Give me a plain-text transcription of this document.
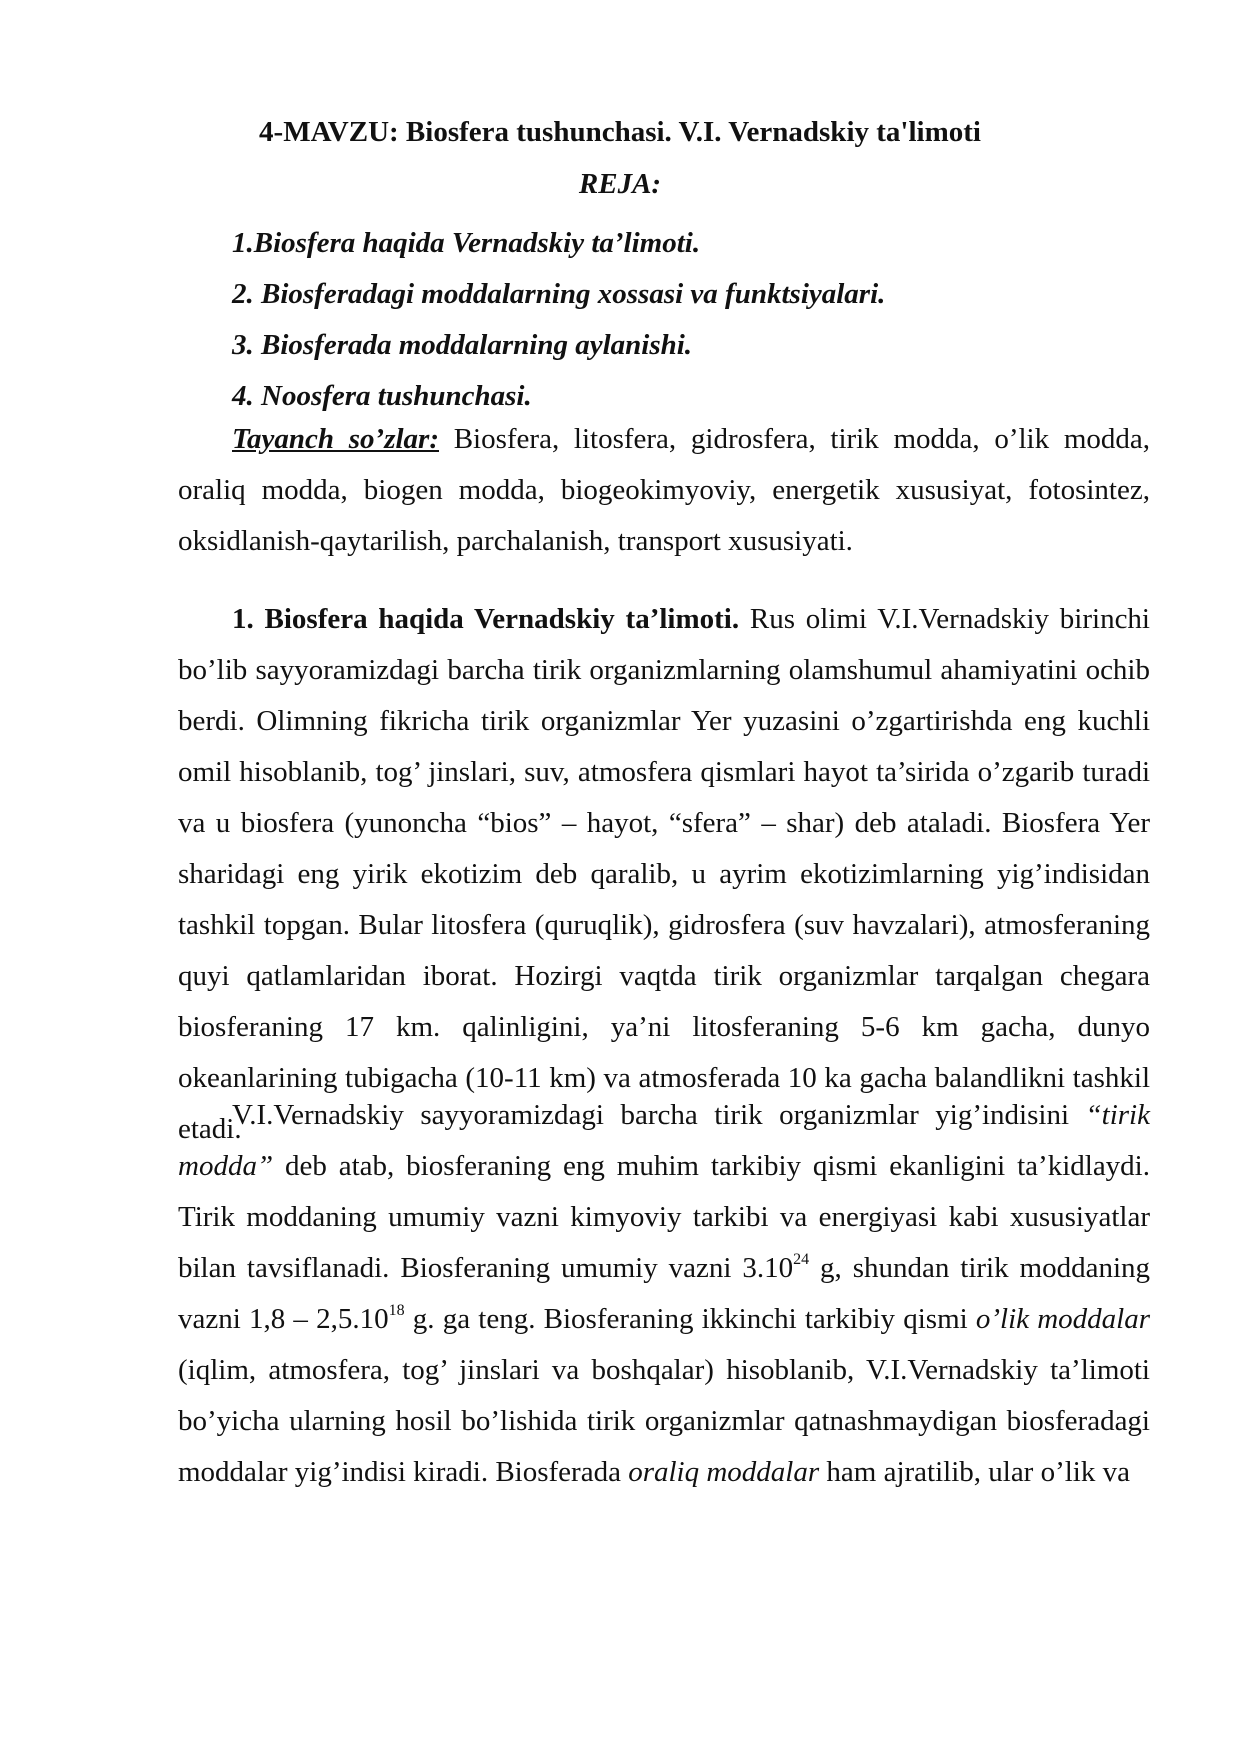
4-MAVZU: Biosfera tushunchasi. V.I. Vernadskiy ta'limoti
REJA:
1.Biosfera haqida Vernadskiy ta’limoti.
2. Biosferadagi moddalarning xossasi va funktsiyalari.
3. Biosferada moddalarning aylanishi.
4. Noosfera tushunchasi.

Tayanch so’zlar: Biosfera, litosfera, gidrosfera, tirik modda, o’lik modda, oraliq modda, biogen modda, biogeokimyoviy, energetik xususiyat, fotosintez, oksidlanish-qaytarilish, parchalanish, transport xususiyati.

1. Biosfera haqida Vernadskiy ta’limoti. Rus olimi V.I.Vernadskiy birinchi bo’lib sayyoramizdagi barcha tirik organizmlarning olamshumul ahamiyatini ochib berdi. Olimning fikricha tirik organizmlar Yer yuzasini o’zgartirishda eng kuchli omil hisoblanib, tog’ jinslari, suv, atmosfera qismlari hayot ta’sirida o’zgarib turadi va u biosfera (yunoncha “bios” – hayot, “sfera” – shar) deb ataladi. Biosfera Yer sharidagi eng yirik ekotizim deb qaralib, u ayrim ekotizimlarning yig’indisidan tashkil topgan. Bular litosfera (quruqlik), gidrosfera (suv havzalari), atmosferaning quyi qatlamlaridan iborat. Hozirgi vaqtda tirik organizmlar tarqalgan chegara biosferaning 17 km. qalinligini, ya’ni litosferaning 5-6 km gacha, dunyo okeanlarining tubigacha (10-11 km) va atmosferada 10 ka gacha balandlikni tashkil etadi.

V.I.Vernadskiy sayyoramizdagi barcha tirik organizmlar yig’indisini “tirik modda” deb atab, biosferaning eng muhim tarkibiy qismi ekanligini ta’kidlaydi. Tirik moddaning umumiy vazni kimyoviy tarkibi va energiyasi kabi xususiyatlar bilan tavsiflanadi. Biosferaning umumiy vazni 3.10$^{24}$ g, shundan tirik moddaning vazni 1,8 – 2,5.10$^{18}$ g. ga teng. Biosferaning ikkinchi tarkibiy qismi o’lik moddalar (iqlim, atmosfera, tog’ jinslari va boshqalar) hisoblanib, V.I.Vernadskiy ta’limoti bo’yicha ularning hosil bo’lishida tirik organizmlar qatnashmaydigan biosferadagi moddalar yig’indisi kiradi. Biosferada oraliq moddalar ham ajratilib, ular o’lik va
